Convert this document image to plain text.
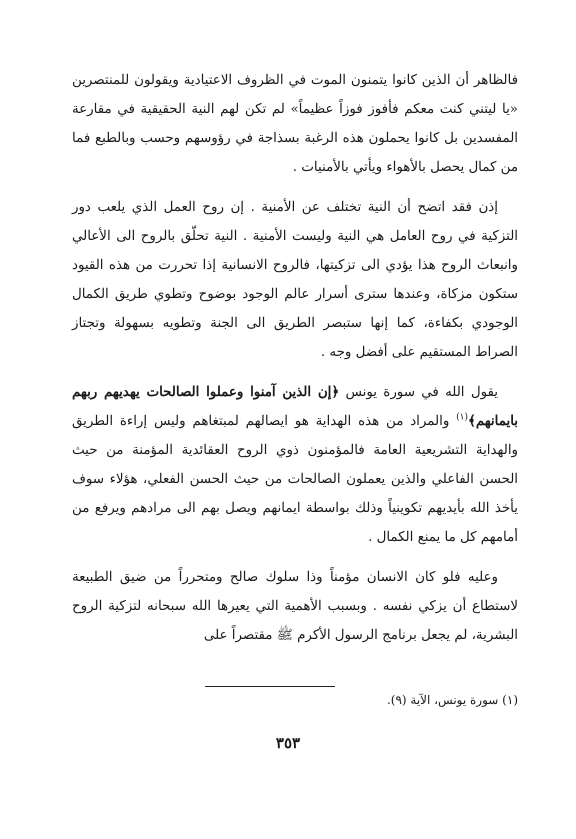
فالظاهر أن الذين كانوا يتمنون الموت في الظروف الاعتيادية ويقولون للمنتصرين «يا ليتني كنت معكم فأفوز فوزاً عظيماً» لم تكن لهم النية الحقيقية في مقارعة المفسدين بل كانوا يحملون هذه الرغبة بسذاجة في رؤوسهم وحسب وبالطبع فما من كمال يحصل بالأهواء ويأتي بالأمنيات .

إذن فقد اتضح أن النية تختلف عن الأمنية . إن روح العمل الذي يلعب دور التزكية في روح العامل هي النية وليست الأمنية . النية تحلّق بالروح الى الأعالي وانبعاث الروح هذا يؤدي الى تزكيتها، فالروح الانسانية إذا تحررت من هذه القيود ستكون مزكاة، وعندها سترى أسرار عالم الوجود بوضوح وتطوي طريق الكمال الوجودي بكفاءة، كما إنها ستبصر الطريق الى الجنة وتطويه بسهولة وتجتاز الصراط المستقيم على أفضل وجه .

يقول الله في سورة يونس ﴿إن الذين آمنوا وعملوا الصالحات يهديهم ربهم بايمانهم﴾$^{(١)}$ والمراد من هذه الهداية هو ايصالهم لمبتغاهم وليس إراءة الطريق والهداية التشريعية العامة فالمؤمنون ذوي الروح العقائدية المؤمنة من حيث الحسن الفاعلي والذين يعملون الصالحات من حيث الحسن الفعلي، هؤلاء سوف يأخذ الله بأيديهم تكوينياً وذلك بواسطة ايمانهم ويصل بهم الى مرادهم ويرفع من أمامهم كل ما يمنع الكمال .

وعليه فلو كان الانسان مؤمناً وذا سلوك صالح ومتحرراً من ضيق الطبيعة لاستطاع أن يزكي نفسه . وبسبب الأهمية التي يعيرها الله سبحانه لتزكية الروح البشرية، لم يجعل برنامج الرسول الأكرم ﷺ مقتصراً على

(١) سورة يونس، الآية (٩).
٣٥٣
